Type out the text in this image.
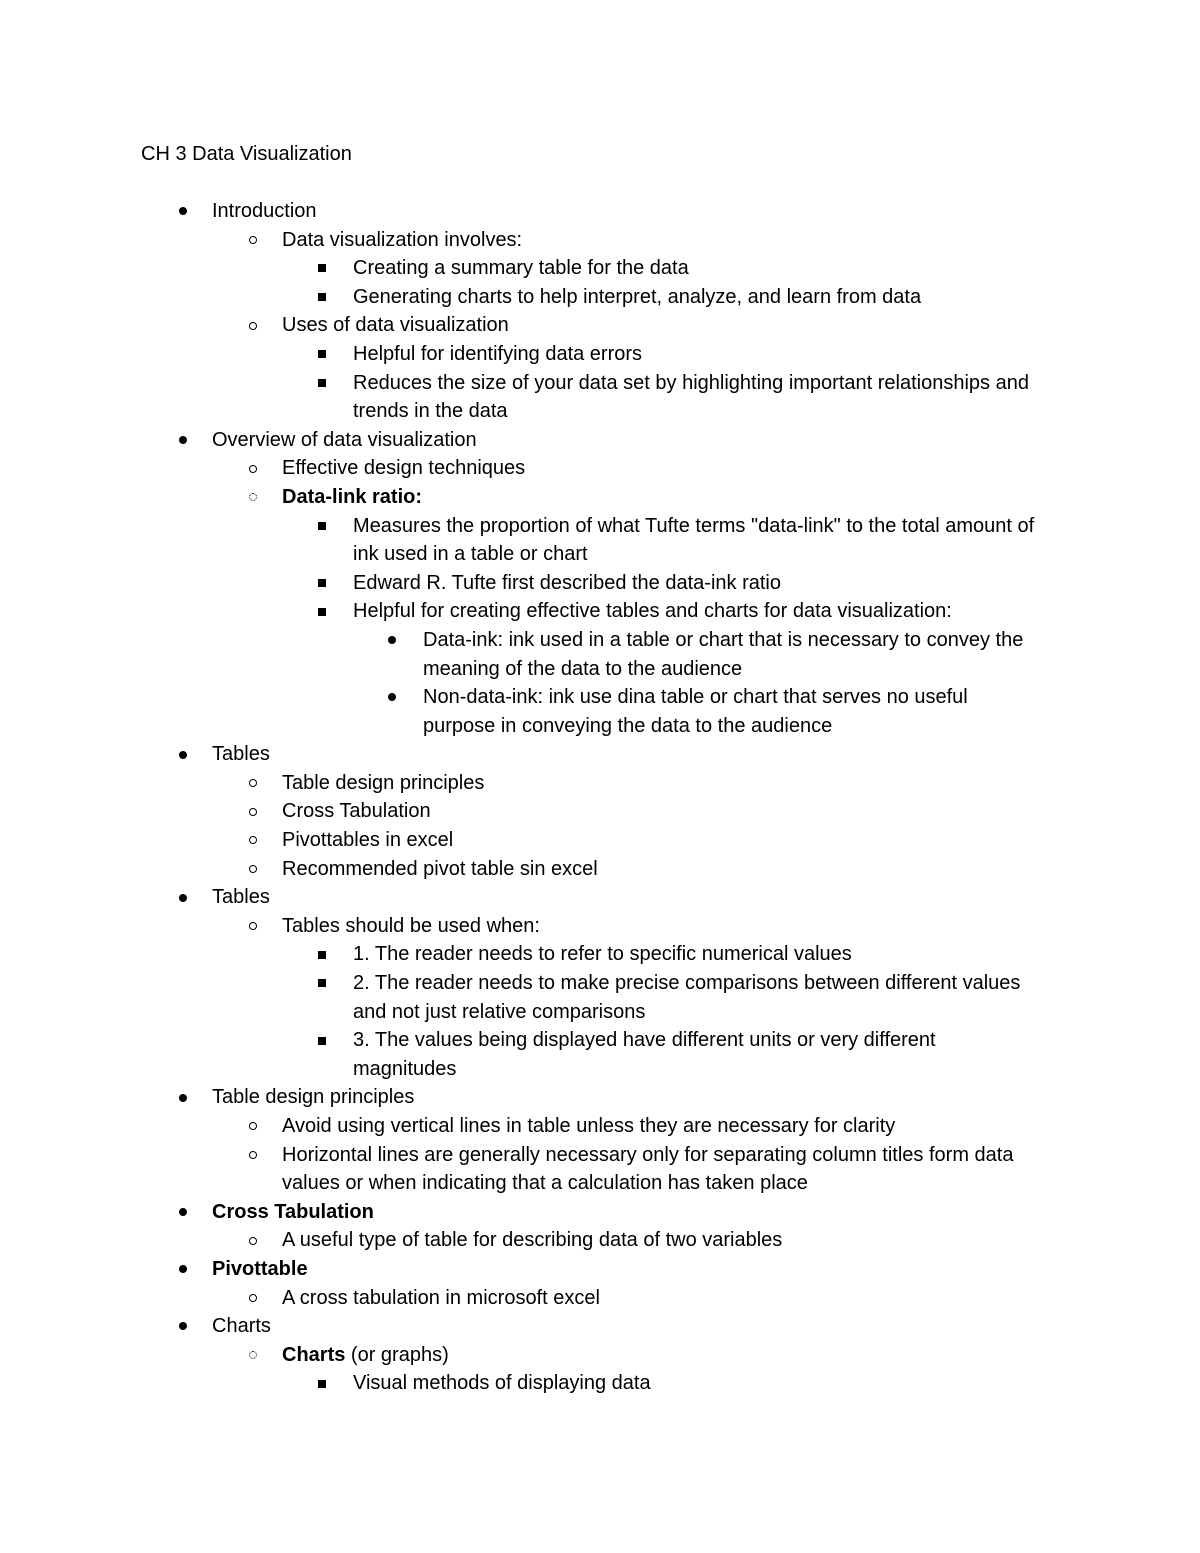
CH 3 Data Visualization
Introduction
Data visualization involves:
Creating a summary table for the data
Generating charts to help interpret, analyze, and learn from data
Uses of data visualization
Helpful for identifying data errors
Reduces the size of your data set by highlighting important relationships and trends in the data
Overview of data visualization
Effective design techniques
Data-link ratio:
Measures the proportion of what Tufte terms "data-link" to the total amount of ink used in a table or chart
Edward R. Tufte first described the data-ink ratio
Helpful for creating effective tables and charts for data visualization:
Data-ink: ink used in a table or chart that is necessary to convey the meaning of the data to the audience
Non-data-ink: ink use dina table or chart that serves no useful purpose in conveying the data to the audience
Tables
Table design principles
Cross Tabulation
Pivottables in excel
Recommended pivot table sin excel
Tables
Tables should be used when:
1. The reader needs to refer to specific numerical values
2. The reader needs to make precise comparisons between different values and not just relative comparisons
3. The values being displayed have different units or very different magnitudes
Table design principles
Avoid using vertical lines in table unless they are necessary for clarity
Horizontal lines are generally necessary only for separating column titles form data values or when indicating that a calculation has taken place
Cross Tabulation
A useful type of table for describing data of two variables
Pivottable
A cross tabulation in microsoft excel
Charts
Charts (or graphs)
Visual methods of displaying data
